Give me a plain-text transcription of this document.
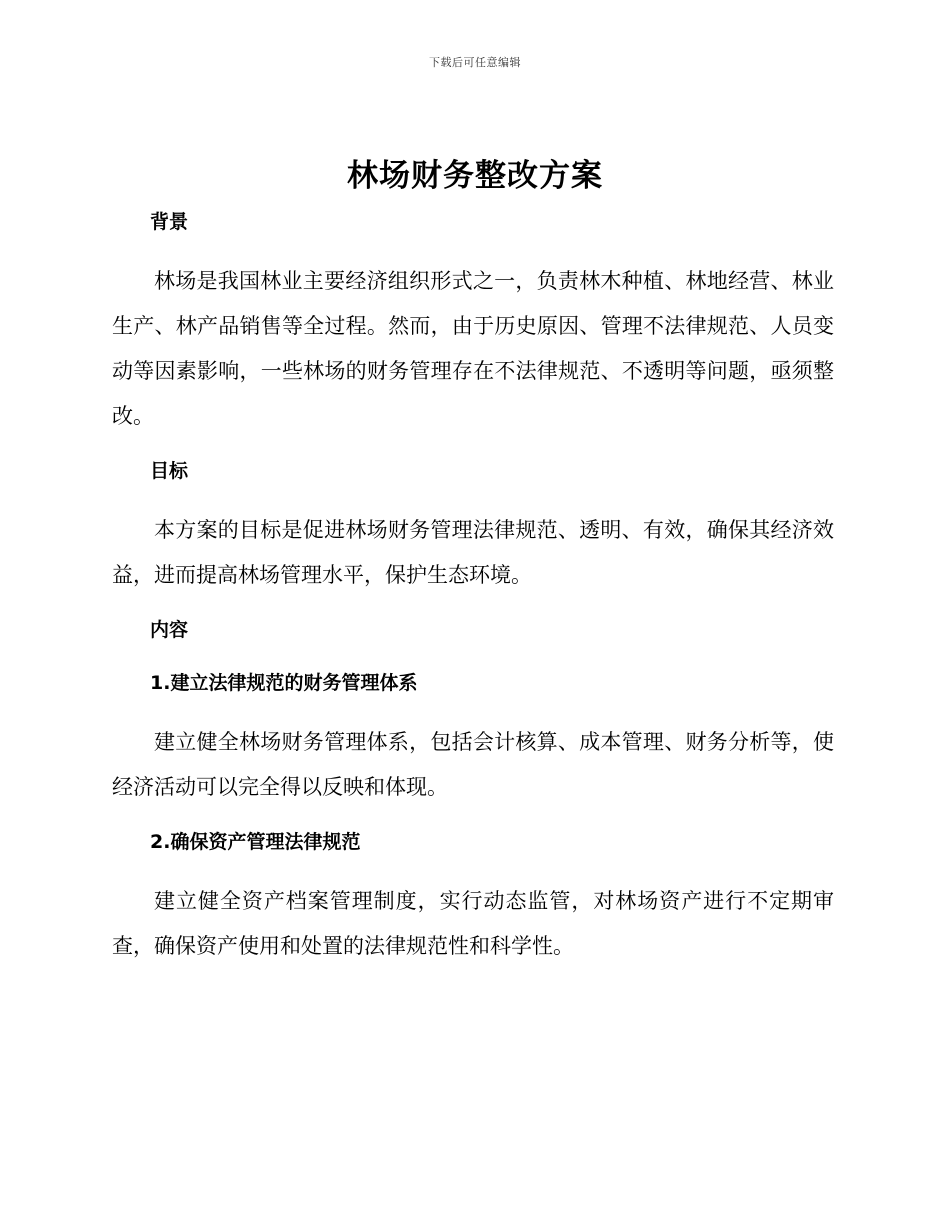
下载后可任意编辑
林场财务整改方案
背景

林场是我国林业主要经济组织形式之一，负责林木种植、林地经营、林业生产、林产品销售等全过程。然而，由于历史原因、管理不法律规范、人员变动等因素影响，一些林场的财务管理存在不法律规范、不透明等问题，亟须整改。

目标

本方案的目标是促进林场财务管理法律规范、透明、有效，确保其经济效益，进而提高林场管理水平，保护生态环境。

内容
1.建立法律规范的财务管理体系

建立健全林场财务管理体系，包括会计核算、成本管理、财务分析等，使经济活动可以完全得以反映和体现。

2.确保资产管理法律规范

建立健全资产档案管理制度，实行动态监管，对林场资产进行不定期审查，确保资产使用和处置的法律规范性和科学性。
